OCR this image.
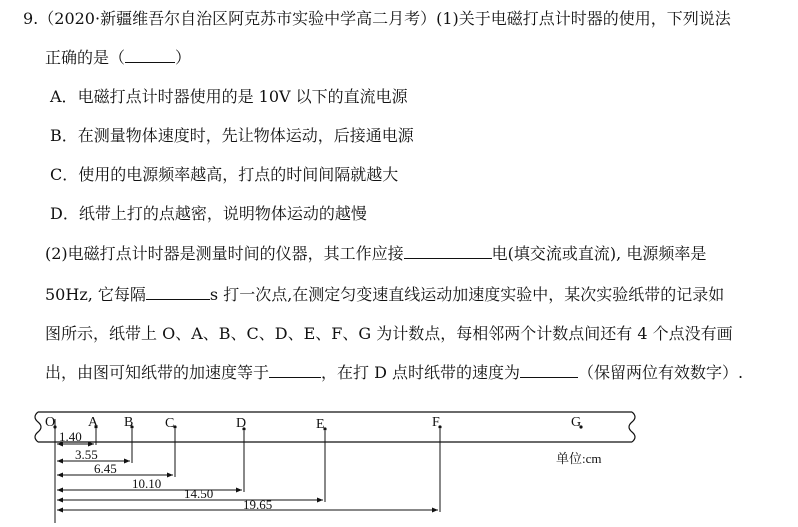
9.（2020·新疆维吾尔自治区阿克苏市实验中学高二月考）(1)关于电磁打点计时器的使用，下列说法
正确的是（	）
A．电磁打点计时器使用的是 10V 以下的直流电源
B．在测量物体速度时，先让物体运动，后接通电源
C．使用的电源频率越高，打点的时间间隔就越大
D．纸带上打的点越密，说明物体运动的越慢
(2)电磁打点计时器是测量时间的仪器，其工作应接	电(填交流或直流), 电源频率是
50Hz, 它每隔	s 打一次点,在测定匀变速直线运动加速度实验中，某次实验纸带的记录如
图所示，纸带上 O、A、B、C、D、E、F、G 为计数点，每相邻两个计数点间还有 4 个点没有画
出，由图可知纸带的加速度等于	，在打 D 点时纸带的速度为	（保留两位有效数字）.
O A B C	D	E	F	G
单位:cm
1.40
3.55
6.45
10.10
14.50
19.65
